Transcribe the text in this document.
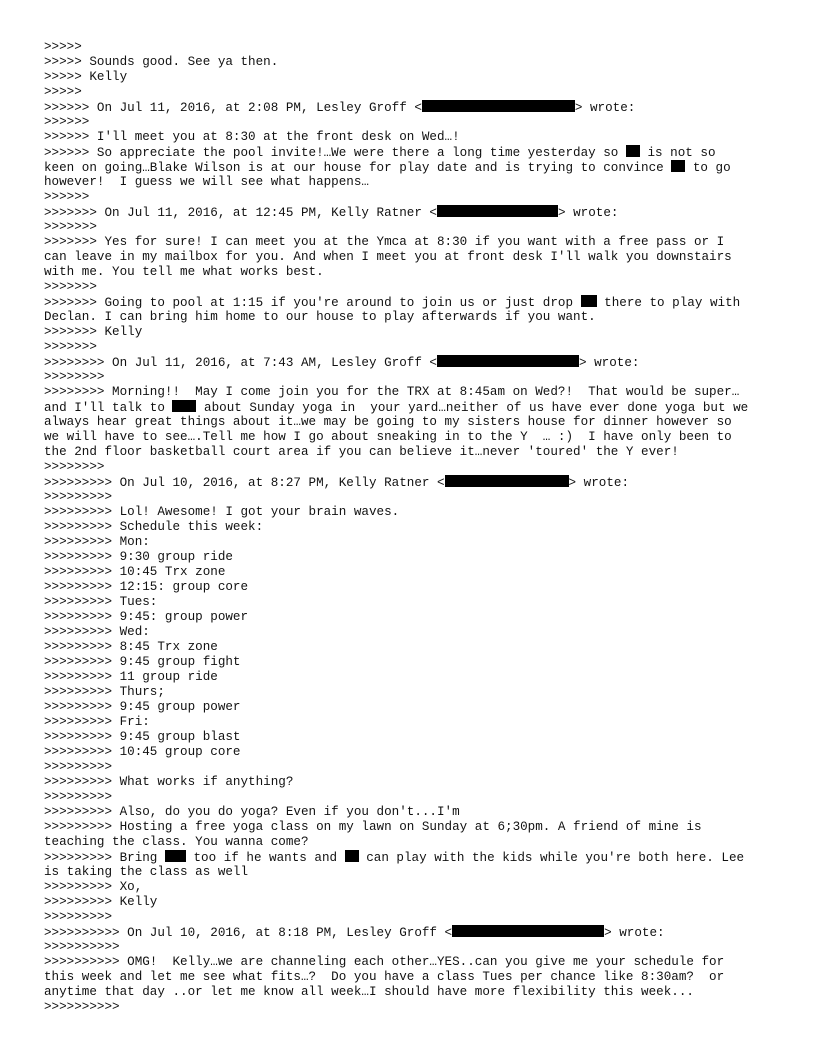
>>>>>
>>>>> Sounds good. See ya then.
>>>>> Kelly
>>>>>
>>>>>> On Jul 11, 2016, at 2:08 PM, Lesley Groff <	> wrote:
>>>>>>
>>>>>> I'll meet you at 8:30 at the front desk on Wed…!
>>>>>> So appreciate the pool invite!…We were there a long time yesterday so  is not so
keen on going…Blake Wilson is at our house for play date and is trying to convince  to go
however!  I guess we will see what happens…
>>>>>>
>>>>>>> On Jul 11, 2016, at 12:45 PM, Kelly Ratner <	> wrote:
>>>>>>>
>>>>>>> Yes for sure! I can meet you at the Ymca at 8:30 if you want with a free pass or I
can leave in my mailbox for you. And when I meet you at front desk I'll walk you downstairs
with me. You tell me what works best.
>>>>>>>
>>>>>>> Going to pool at 1:15 if you're around to join us or just drop  there to play with
Declan. I can bring him home to our house to play afterwards if you want.
>>>>>>> Kelly
>>>>>>>
>>>>>>>> On Jul 11, 2016, at 7:43 AM, Lesley Groff <	> wrote:
>>>>>>>>
>>>>>>>> Morning!!  May I come join you for the TRX at 8:45am on Wed?!  That would be super…
and I'll talk to  about Sunday yoga in  your yard…neither of us have ever done yoga but we
always hear great things about it…we may be going to my sisters house for dinner however so
we will have to see….Tell me how I go about sneaking in to the Y  … :)  I have only been to
the 2nd floor basketball court area if you can believe it…never 'toured' the Y ever!
>>>>>>>>
>>>>>>>>> On Jul 10, 2016, at 8:27 PM, Kelly Ratner <	> wrote:
>>>>>>>>>
>>>>>>>>> Lol! Awesome! I got your brain waves.
>>>>>>>>> Schedule this week:
>>>>>>>>> Mon:
>>>>>>>>> 9:30 group ride
>>>>>>>>> 10:45 Trx zone
>>>>>>>>> 12:15: group core
>>>>>>>>> Tues:
>>>>>>>>> 9:45: group power
>>>>>>>>> Wed:
>>>>>>>>> 8:45 Trx zone
>>>>>>>>> 9:45 group fight
>>>>>>>>> 11 group ride
>>>>>>>>> Thurs;
>>>>>>>>> 9:45 group power
>>>>>>>>> Fri:
>>>>>>>>> 9:45 group blast
>>>>>>>>> 10:45 group core
>>>>>>>>>
>>>>>>>>> What works if anything?
>>>>>>>>>
>>>>>>>>> Also, do you do yoga? Even if you don't...I'm
>>>>>>>>> Hosting a free yoga class on my lawn on Sunday at 6;30pm. A friend of mine is
teaching the class. You wanna come?
>>>>>>>>> Bring  too if he wants and  can play with the kids while you're both here. Lee
is taking the class as well
>>>>>>>>> Xo,
>>>>>>>>> Kelly
>>>>>>>>>
>>>>>>>>>> On Jul 10, 2016, at 8:18 PM, Lesley Groff <	> wrote:
>>>>>>>>>>
>>>>>>>>>> OMG!  Kelly…we are channeling each other…YES..can you give me your schedule for
this week and let me see what fits…?  Do you have a class Tues per chance like 8:30am?  or
anytime that day ..or let me know all week…I should have more flexibility this week...
>>>>>>>>>>
